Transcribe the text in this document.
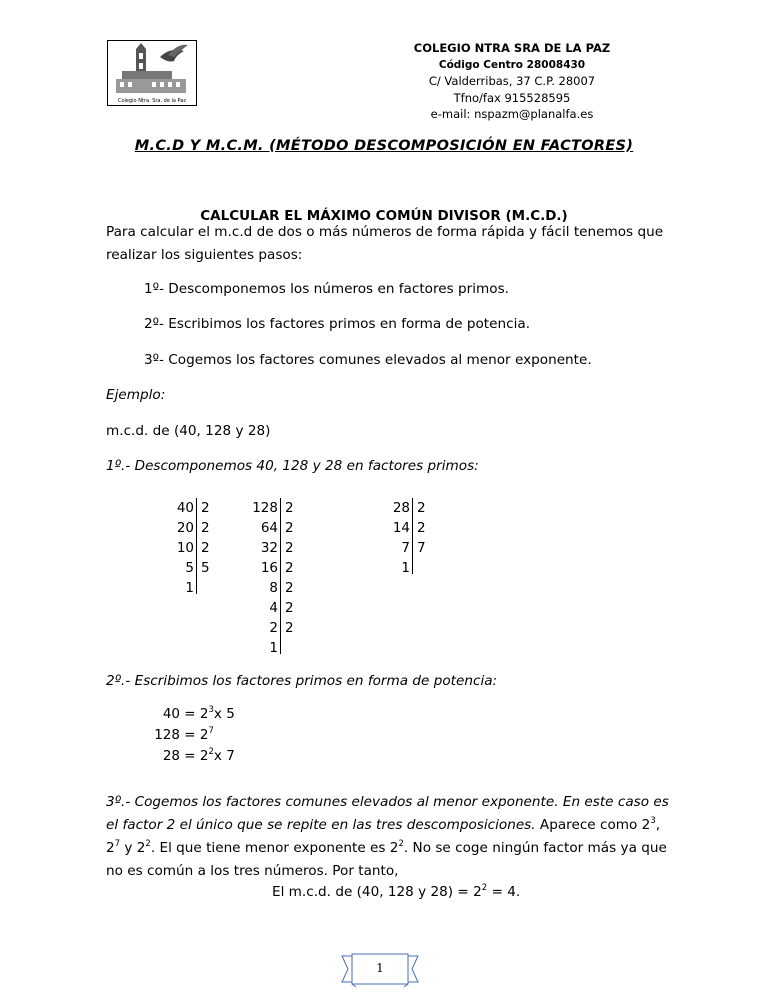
Colegio Ntra. Sra. de la Paz
COLEGIO NTRA SRA DE LA PAZ
Código Centro 28008430
C/ Valderribas, 37 C.P. 28007
Tfno/fax 915528595
e-mail: nspazm@planalfa.es
M.C.D Y M.C.M. (MÉTODO DESCOMPOSICIÓN EN FACTORES)
CALCULAR EL MÁXIMO COMÚN DIVISOR (M.C.D.)
Para calcular el m.c.d de dos o más números de forma rápida y fácil tenemos que
realizar los siguientes pasos:
1º- Descomponemos los números en factores primos.
2º- Escribimos los factores primos en forma de potencia.
3º- Cogemos los factores comunes elevados al menor exponente.
Ejemplo:
m.c.d. de (40, 128 y 28)
1º.- Descomponemos 40, 128 y 28 en factores primos:
40
20
10
5
1
2
2
2
5
128
64
32
16
8
4
2
1
2
2
2
2
2
2
2
28
14
7
1
2
2
7
2º.- Escribimos los factores primos en forma de potencia:
$40 = 2^3x$ 5
$128 = 2^7$
$28 = 2^2x$ 7
3º.- Cogemos los factores comunes elevados al menor exponente. En este caso es
el factor 2 el único que se repite en las tres descomposiciones. Aparece como $2^3$,
$2^7$ y $2^2$. El que tiene menor exponente es $2^2$. No se coge ningún factor más ya que
no es común a los tres números. Por tanto,
El m.c.d. de (40, 128 y $28) = 2^2 = 4$.
1
